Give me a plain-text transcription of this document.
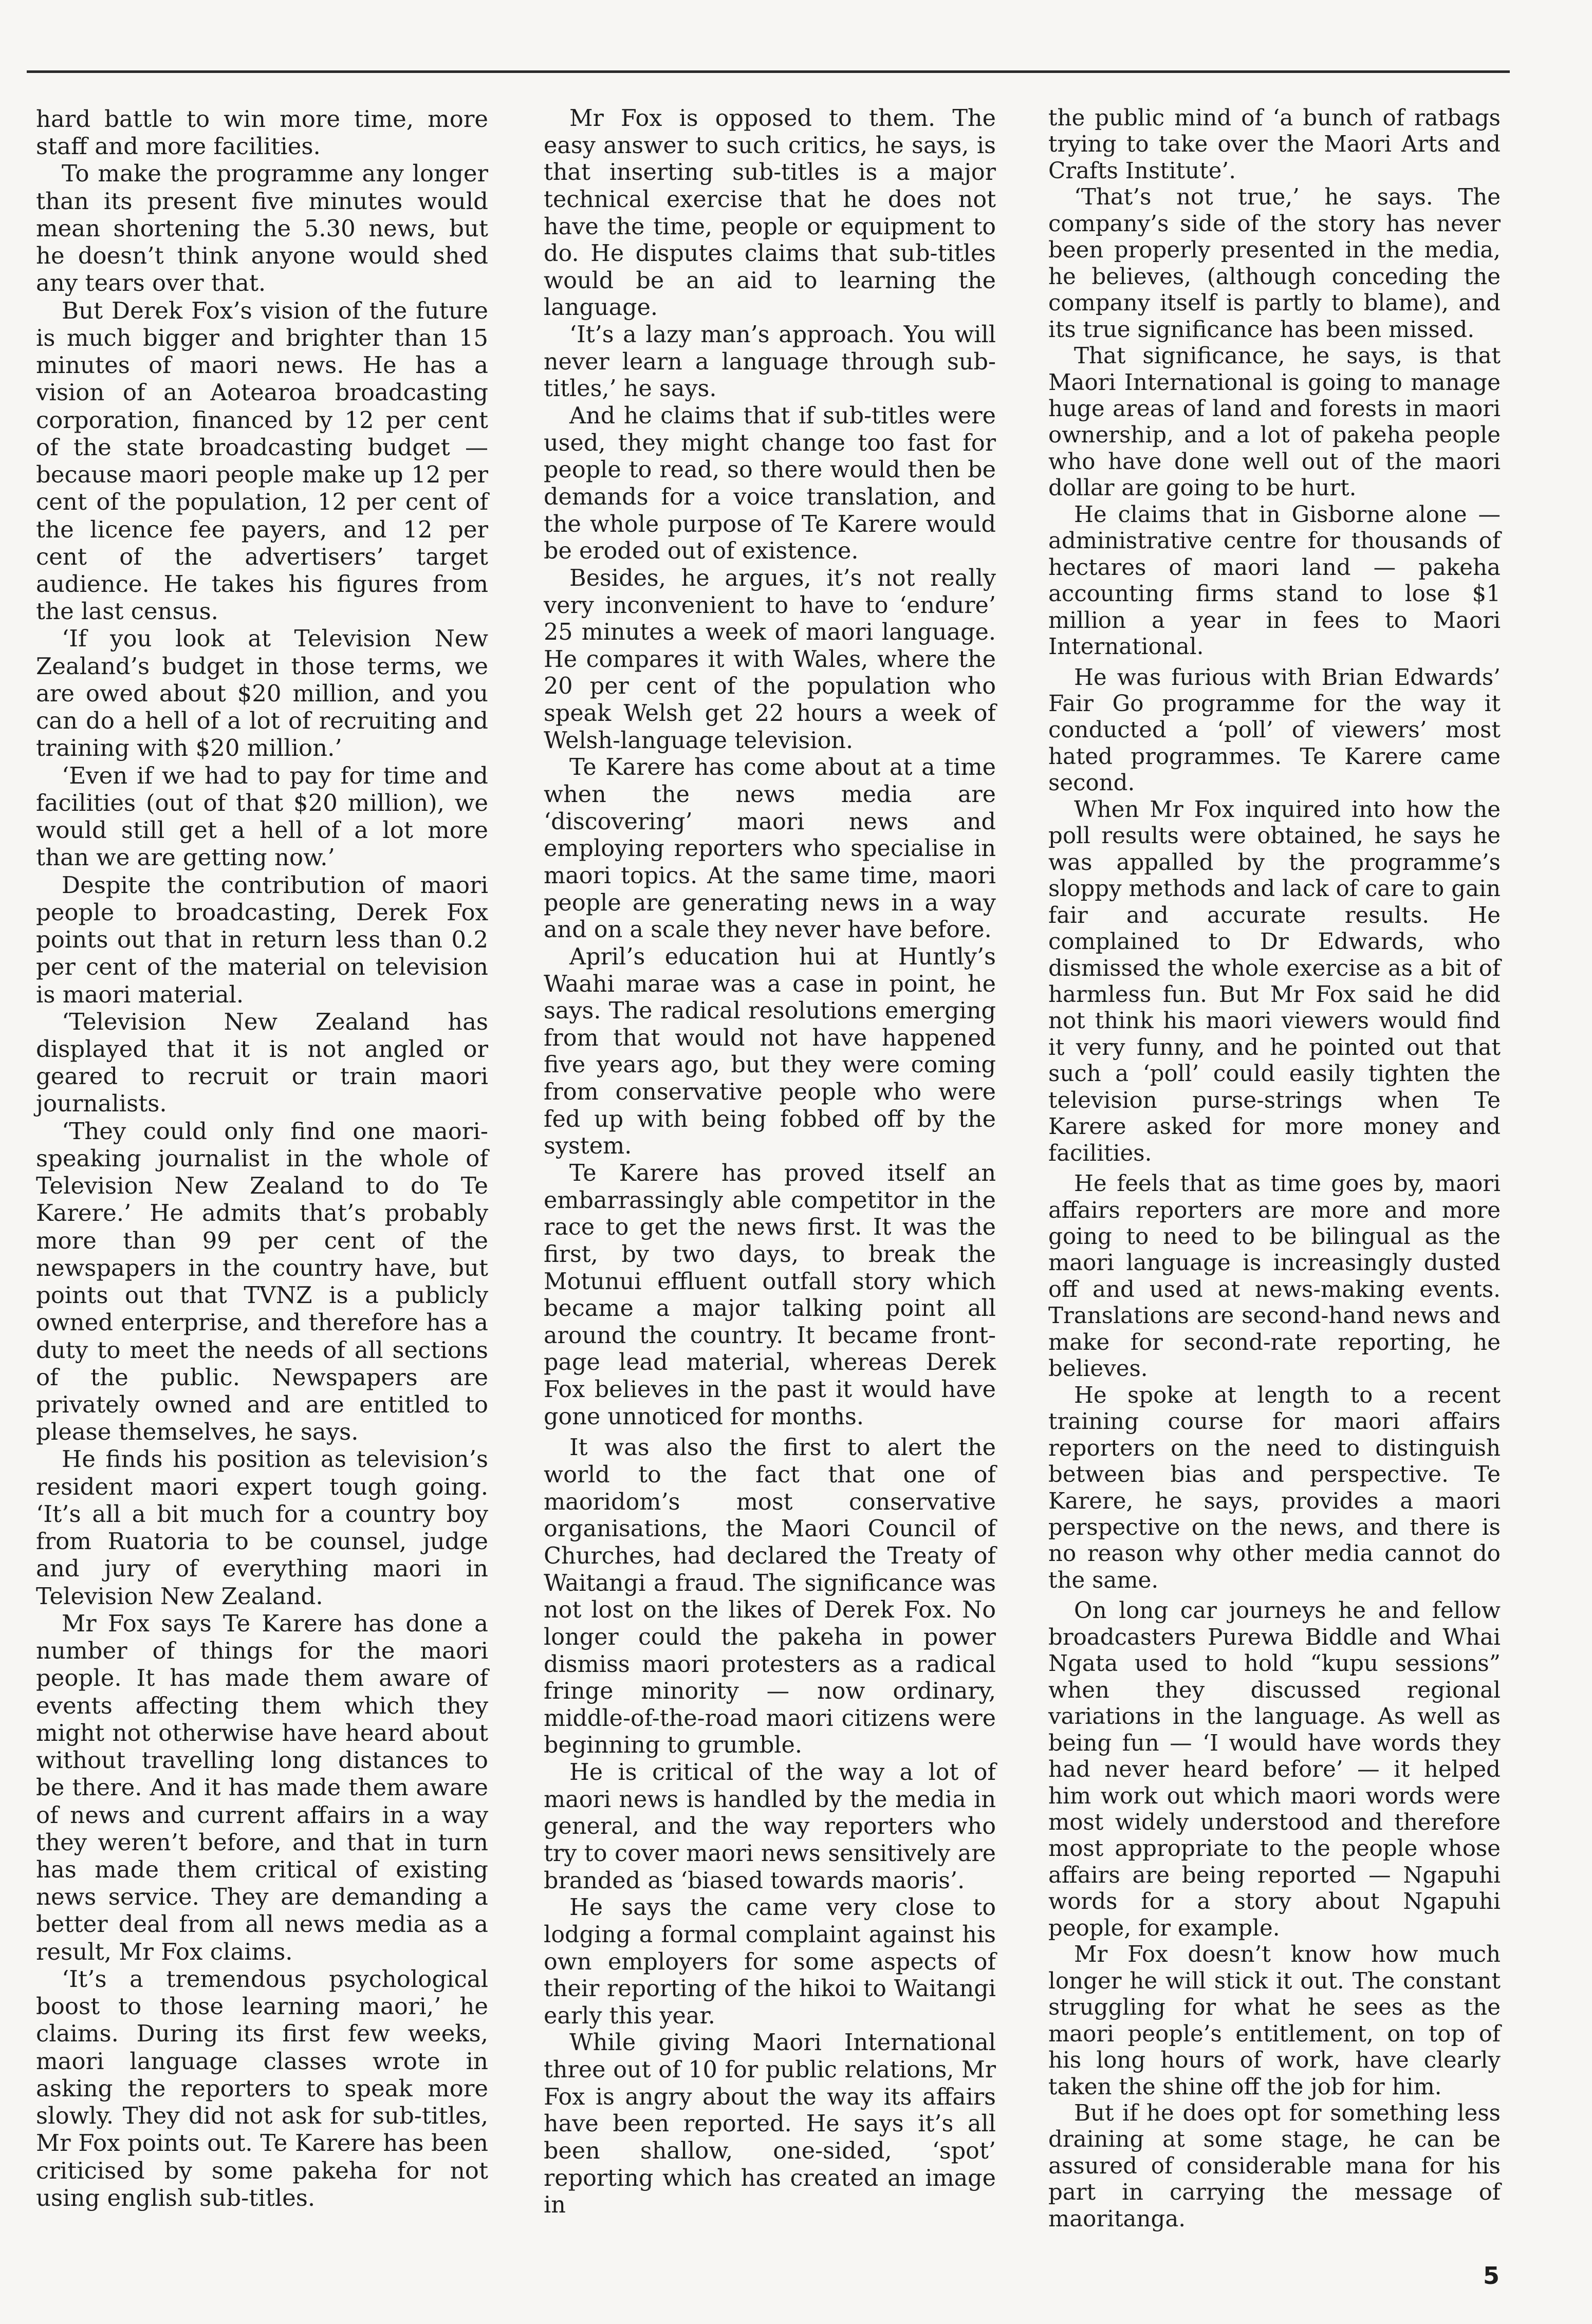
hard battle to win more time, more staff and more facilities.

To make the programme any longer than its present five minutes would mean shortening the 5.30 news, but he doesn’t think anyone would shed any tears over that.

But Derek Fox’s vision of the future is much bigger and brighter than 15 minutes of maori news. He has a vision of an Aotearoa broadcasting corporation, financed by 12 per cent of the state broadcasting budget — because maori people make up 12 per cent of the population, 12 per cent of the licence fee payers, and 12 per cent of the advertisers’ target audience. He takes his figures from the last census.

‘If you look at Television New Zealand’s budget in those terms, we are owed about $20 million, and you can do a hell of a lot of recruiting and training with $20 million.’

‘Even if we had to pay for time and facilities (out of that $20 million), we would still get a hell of a lot more than we are getting now.’

Despite the contribution of maori people to broadcasting, Derek Fox points out that in return less than 0.2 per cent of the material on television is maori material.

‘Television New Zealand has displayed that it is not angled or geared to recruit or train maori journalists.

‘They could only find one maori-speaking journalist in the whole of Television New Zealand to do Te Karere.’ He admits that’s probably more than 99 per cent of the newspapers in the country have, but points out that TVNZ is a publicly owned enterprise, and therefore has a duty to meet the needs of all sections of the public. Newspapers are privately owned and are entitled to please themselves, he says.

He finds his position as television’s resident maori expert tough going. ‘It’s all a bit much for a country boy from Ruatoria to be counsel, judge and jury of everything maori in Television New Zealand.

Mr Fox says Te Karere has done a number of things for the maori people. It has made them aware of events affecting them which they might not otherwise have heard about without travelling long distances to be there. And it has made them aware of news and current affairs in a way they weren’t before, and that in turn has made them critical of existing news service. They are demanding a better deal from all news media as a result, Mr Fox claims.

‘It’s a tremendous psychological boost to those learning maori,’ he claims. During its first few weeks, maori language classes wrote in asking the reporters to speak more slowly. They did not ask for sub-titles, Mr Fox points out. Te Karere has been criticised by some pakeha for not using english sub-titles.

Mr Fox is opposed to them. The easy answer to such critics, he says, is that inserting sub-titles is a major technical exercise that he does not have the time, people or equipment to do. He disputes claims that sub-titles would be an aid to learning the language.

‘It’s a lazy man’s approach. You will never learn a language through sub-titles,’ he says.

And he claims that if sub-titles were used, they might change too fast for people to read, so there would then be demands for a voice translation, and the whole purpose of Te Karere would be eroded out of existence.

Besides, he argues, it’s not really very inconvenient to have to ‘endure’ 25 minutes a week of maori language. He compares it with Wales, where the 20 per cent of the population who speak Welsh get 22 hours a week of Welsh-language television.

Te Karere has come about at a time when the news media are ‘discovering’ maori news and employing reporters who specialise in maori topics. At the same time, maori people are generating news in a way and on a scale they never have before.

April’s education hui at Huntly’s Waahi marae was a case in point, he says. The radical resolutions emerging from that would not have happened five years ago, but they were coming from conservative people who were fed up with being fobbed off by the system.

Te Karere has proved itself an embarrassingly able competitor in the race to get the news first. It was the first, by two days, to break the Motunui effluent outfall story which became a major talking point all around the country. It became front-page lead material, whereas Derek Fox believes in the past it would have gone unnoticed for months.

It was also the first to alert the world to the fact that one of maoridom’s most conservative organisations, the Maori Council of Churches, had declared the Treaty of Waitangi a fraud. The significance was not lost on the likes of Derek Fox. No longer could the pakeha in power dismiss maori protesters as a radical fringe minority — now ordinary, middle-of-the-road maori citizens were beginning to grumble.

He is critical of the way a lot of maori news is handled by the media in general, and the way reporters who try to cover maori news sensitively are branded as ‘biased towards maoris’.

He says the came very close to lodging a formal complaint against his own employers for some aspects of their reporting of the hikoi to Waitangi early this year.

While giving Maori International three out of 10 for public relations, Mr Fox is angry about the way its affairs have been reported. He says it’s all been shallow, one-sided, ‘spot’ reporting which has created an image in

the public mind of ‘a bunch of ratbags trying to take over the Maori Arts and Crafts Institute’.

‘That’s not true,’ he says. The company’s side of the story has never been properly presented in the media, he believes, (although conceding the company itself is partly to blame), and its true significance has been missed.

That significance, he says, is that Maori International is going to manage huge areas of land and forests in maori ownership, and a lot of pakeha people who have done well out of the maori dollar are going to be hurt.

He claims that in Gisborne alone — administrative centre for thousands of hectares of maori land — pakeha accounting firms stand to lose $1 million a year in fees to Maori International.

He was furious with Brian Edwards’ Fair Go programme for the way it conducted a ‘poll’ of viewers’ most hated programmes. Te Karere came second.

When Mr Fox inquired into how the poll results were obtained, he says he was appalled by the programme’s sloppy methods and lack of care to gain fair and accurate results. He complained to Dr Edwards, who dismissed the whole exercise as a bit of harmless fun. But Mr Fox said he did not think his maori viewers would find it very funny, and he pointed out that such a ‘poll’ could easily tighten the television purse-strings when Te Karere asked for more money and facilities.

He feels that as time goes by, maori affairs reporters are more and more going to need to be bilingual as the maori language is increasingly dusted off and used at news-making events. Translations are second-hand news and make for second-rate reporting, he believes.

He spoke at length to a recent training course for maori affairs reporters on the need to distinguish between bias and perspective. Te Karere, he says, provides a maori perspective on the news, and there is no reason why other media cannot do the same.

On long car journeys he and fellow broadcasters Purewa Biddle and Whai Ngata used to hold “kupu sessions” when they discussed regional variations in the language. As well as being fun — ‘I would have words they had never heard before’ — it helped him work out which maori words were most widely understood and therefore most appropriate to the people whose affairs are being reported — Ngapuhi words for a story about Ngapuhi people, for example.

Mr Fox doesn’t know how much longer he will stick it out. The constant struggling for what he sees as the maori people’s entitlement, on top of his long hours of work, have clearly taken the shine off the job for him.

But if he does opt for something less draining at some stage, he can be assured of considerable mana for his part in carrying the message of maoritanga.

5
